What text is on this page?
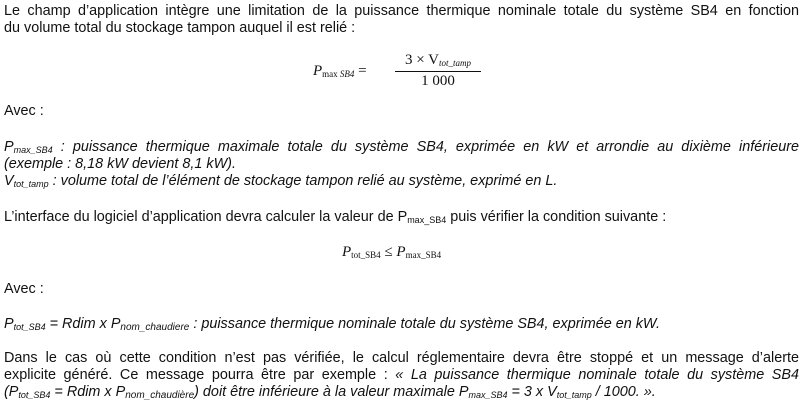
Le champ d’application intègre une limitation de la puissance thermique nominale totale du système SB4 en fonction
du volume total du stockage tampon auquel il est relié :
$P_{max SB4}$ =
$3 \times V_{tot\_tamp}$
1 000
Avec :
$P_{max\_SB4}$ : puissance thermique maximale totale du système SB4, exprimée en kW et arrondie au dixième inférieure
(exemple : 8,18 kW devient 8,1 kW).
$V_{tot\_tamp}$ : volume total de l’élément de stockage tampon relié au système, exprimé en L.
L’interface du logiciel d’application devra calculer la valeur de $P_{max\_SB4}$ puis vérifier la condition suivante :
$P_{tot\_SB4} \le P_{max\_SB4}$
Avec :
$P_{tot\_SB4}$ = Rdim x $P_{nom\_chaudiere}$ : puissance thermique nominale totale du système SB4, exprimée en kW.
Dans le cas où cette condition n’est pas vérifiée, le calcul réglementaire devra être stoppé et un message d’alerte
explicite généré. Ce message pourra être par exemple : « La puissance thermique nominale totale du système SB4
($P_{tot\_SB4}$ = Rdim x $P_{nom\_chaudière}$) doit être inférieure à la valeur maximale $P_{max\_SB4} = 3$ x $V_{tot\_tamp} / 1000$. ».
